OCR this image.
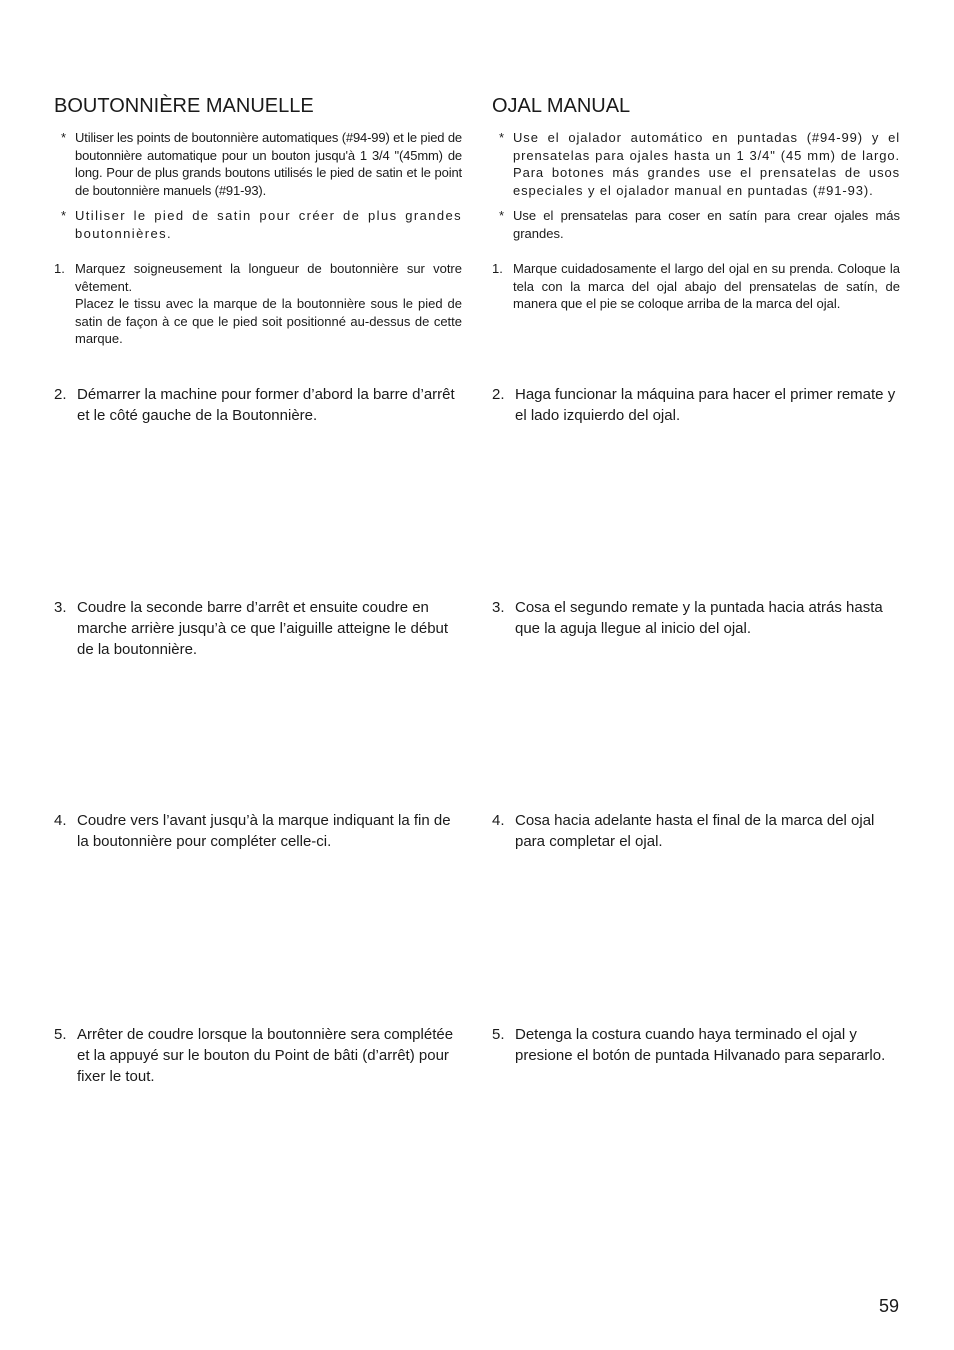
BOUTONNIÈRE MANUELLE
* Utiliser les points de boutonnière automatiques (#94-99) et le pied de boutonnière automatique pour un bouton jusqu'à 1 3/4 "(45mm) de long. Pour de plus grands boutons utilisés le pied de satin et le point de boutonnière manuels (#91-93).
* Utiliser le pied de satin pour créer de plus grandes boutonnières.
1. Marquez soigneusement la longueur de boutonnière sur votre vêtement.
Placez le tissu avec la marque de la boutonnière sous le pied de satin de façon à ce que le pied soit positionné au-dessus de cette marque.
2. Démarrer la machine pour former d’abord la barre d’arrêt et le côté gauche de la Boutonnière.
3. Coudre la seconde barre d’arrêt et ensuite coudre en marche arrière jusqu’à ce que l’aiguille atteigne le début de la boutonnière.
4. Coudre vers l’avant jusqu’à la marque indiquant la fin de la boutonnière pour compléter celle-ci.
5. Arrêter de coudre lorsque la boutonnière sera complétée et la appuyé sur le bouton du Point de bâti (d’arrêt) pour fixer le tout.
OJAL MANUAL
* Use el ojalador automático en puntadas (#94-99) y el prensatelas para ojales hasta un 1 3/4" (45 mm) de largo. Para botones más grandes use el prensatelas de usos especiales y el ojalador manual en puntadas (#91-93).
* Use el prensatelas para coser en satín para crear ojales más grandes.
1. Marque cuidadosamente el largo del ojal en su prenda. Coloque la tela con la marca del ojal abajo del prensatelas de satín, de manera que el pie se coloque arriba de la marca del ojal.
2. Haga funcionar la máquina para hacer el primer remate y el lado izquierdo del ojal.
3. Cosa el segundo remate y la puntada hacia atrás hasta que la aguja llegue al inicio del ojal.
4. Cosa hacia adelante hasta el final de la marca del ojal para completar el ojal.
5. Detenga la costura cuando haya terminado el ojal y presione el botón de puntada Hilvanado para separarlo.
59
